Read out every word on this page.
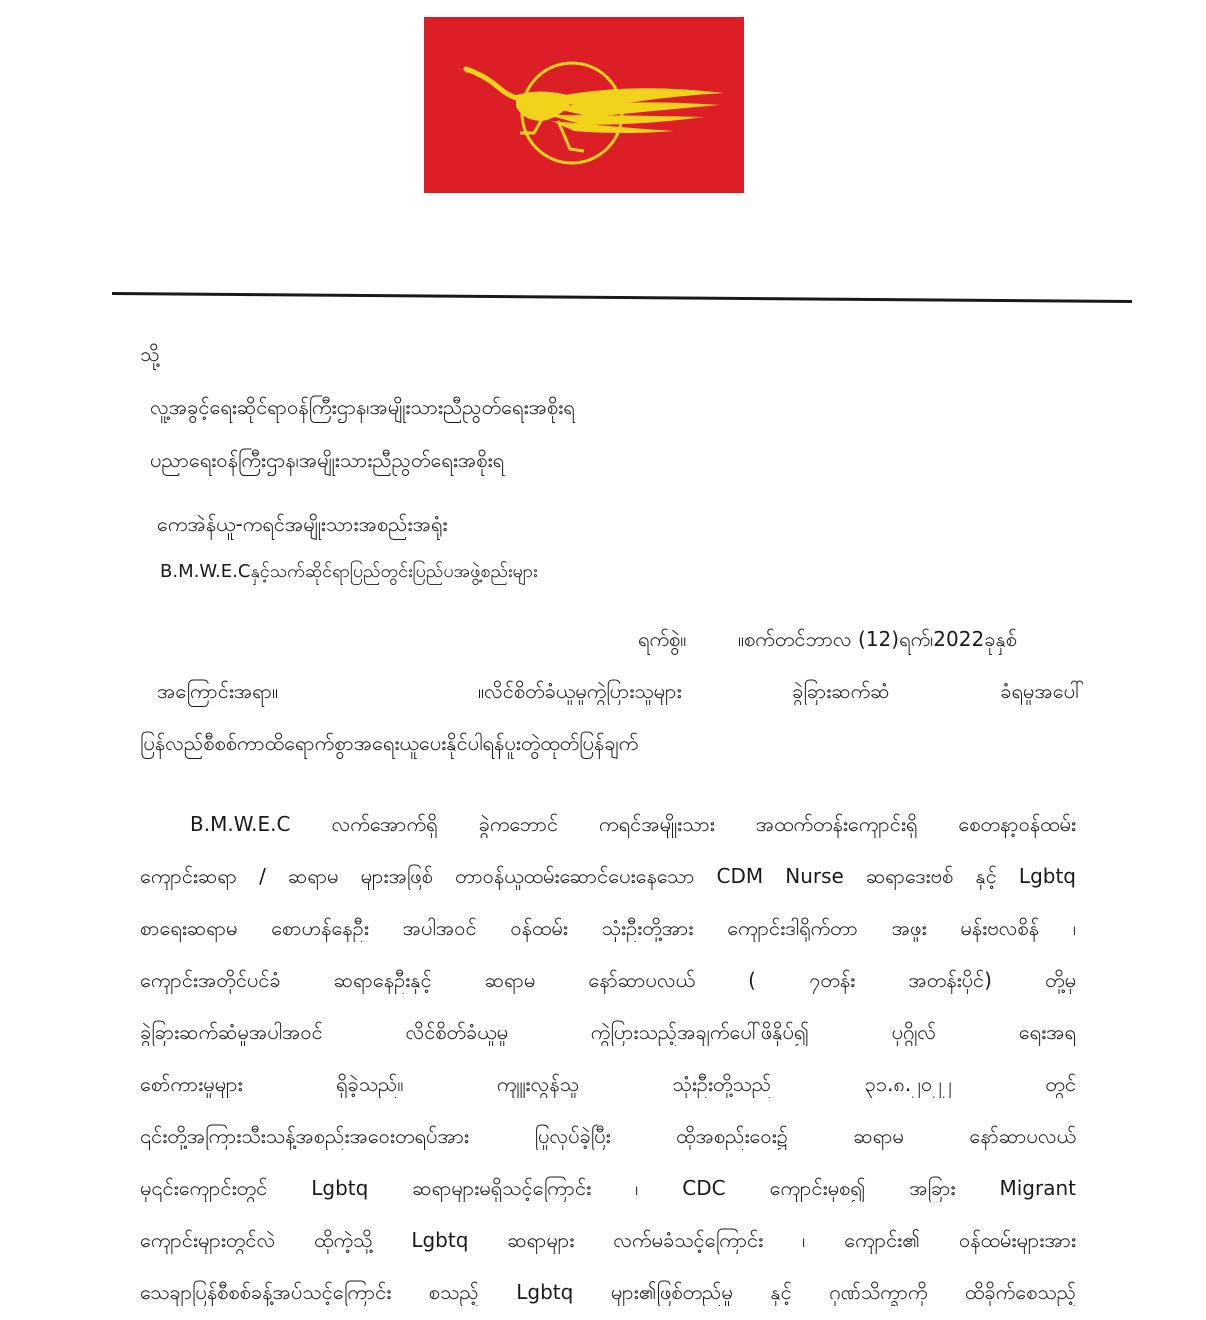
သို့
လူ့အခွင့်ရေးဆိုင်ရာဝန်ကြီးဌာန၊အမျိုးသားညီညွတ်ရေးအစိုးရ
ပညာရေးဝန်ကြီးဌာန၊အမျိုးသားညီညွတ်ရေးအစိုးရ
ကေအဲန်ယူ-ကရင်အမျိုးသားအစည်းအရုံး
B.M.W.E.Cနှင့်သက်ဆိုင်ရာပြည်တွင်းပြည်ပအဖွဲ့စည်းများ
ရက်စွဲ။	။စက်တင်ဘာလ (12)ရက်၊2022ခုနှစ်
အကြောင်းအရာ။	။လိင်စိတ်ခံယူမှုကွဲပြားသူများ ခွဲခြားဆက်ဆံ ခံရမှုအပေါ်
ပြန်လည်စီစစ်ကာထိရောက်စွာအရေးယူပေးနိုင်ပါရန်ပူးတွဲထုတ်ပြန်ချက်
B.M.W.E.C လက်အောက်ရှိ ခွဲကဘောင် ကရင်အမျိုးသား အထက်တန်းကျောင်းရှိ စေတနာ့ဝန်ထမ်း
ကျောင်းဆရာ / ဆရာမ များအဖြစ် တာဝန်ယူထမ်းဆောင်ပေးနေသော CDM Nurse ဆရာဒေးဗစ် နှင့် Lgbtq
စာရေးဆရာမ စောဟန်နေဦး အပါအဝင် ဝန်ထမ်း သုံးဦးတို့အား ကျောင်းဒါရိုက်တာ အဖူး မန်းဗလစိန် ၊
ကျောင်းအတိုင်ပင်ခံ ဆရာနေဦးနှင့် ဆရာမ နော်ဆာပလယ် ( ၇တန်း အတန်းပိုင်) တို့မှ
ခွဲခြားဆက်ဆံမှုအပါအဝင် လိင်စိတ်ခံယူမှု ကွဲပြားသည့်အချက်ပေါ်ဖိနှိပ်၍ ပုဂ္ဂိုလ် ရေးအရ
စော်ကားမှုများ ရှိခဲ့သည်။ ကျူးလွန်သူ သုံးဦးတို့သည် ၃၁.၈.၂၀၂၂ တွင်
၎င်းတို့အကြားသီးသန့်အစည်းအဝေးတရပ်အား ပြုလုပ်ခဲ့ပြီး ထိုအစည်းဝေး၌ ဆရာမ နော်ဆာပလယ်
မှ၎င်းကျောင်းတွင် Lgbtq ဆရာများမရှိသင့်ကြောင်း ၊ CDC ကျောင်းမှစ၍ အခြား Migrant
ကျောင်းများတွင်လဲ ထိုကဲ့သို့ Lgbtq ဆရာများ လက်မခံသင့်ကြောင်း ၊ ကျောင်း၏ ဝန်ထမ်းများအား
သေချာပြန်စီစစ်ခန့်အပ်သင့်ကြောင်း စသည့် Lgbtq များ၏ဖြစ်တည်မှု နှင့် ဂုဏ်သိက္ခာကို ထိခိုက်စေသည့်
